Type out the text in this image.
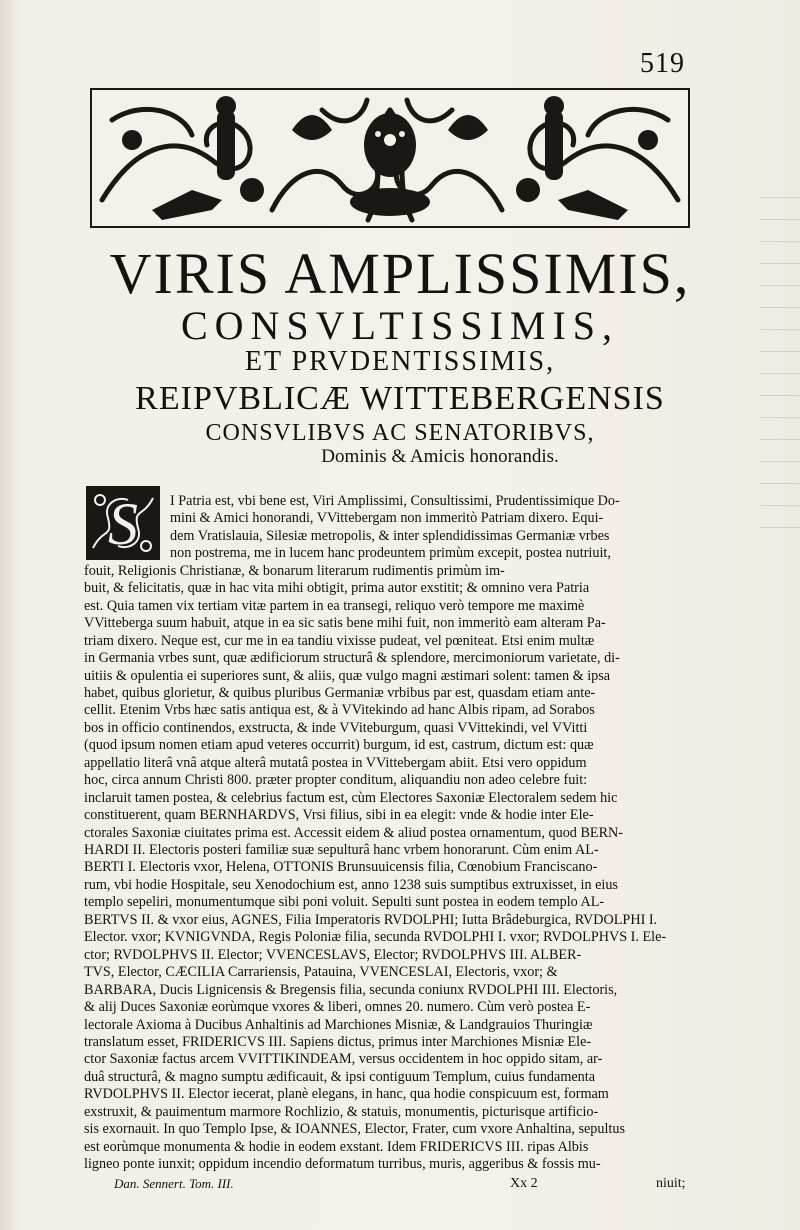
519
VIRIS AMPLISSIMIS,
CONSVLTISSIMIS,
ET PRVDENTISSIMIS,
REIPVBLICÆ WITTEBERGENSIS
CONSVLIBVS AC SENATORIBVS,
Dominis & Amicis honorandis.
S	I Patria est, vbi bene est, Viri Amplissimi, Consultissimi, Prudentissimique Do-
mini & Amici honorandi, VVittebergam non immeritò Patriam dixero. Equi-
dem Vratislauia, Silesiæ metropolis, & inter splendidissimas Germaniæ vrbes
non postrema, me in lucem hanc prodeuntem primùm excepit, postea nutriuit,
fouit, Religionis Christianæ, & bonarum literarum rudimentis primùm im-
buit, & felicitatis, quæ in hac vita mihi obtigit, prima autor exstitit; & omnino vera Patria
est. Quia tamen vix tertiam vitæ partem in ea transegi, reliquo verò tempore me maximè
VVitteberga suum habuit, atque in ea sic satis bene mihi fuit, non immeritò eam alteram Pa-
triam dixero. Neque est, cur me in ea tandiu vixisse pudeat, vel pœniteat. Etsi enim multæ
in Germania vrbes sunt, quæ ædificiorum structurâ & splendore, mercimoniorum varietate, di-
uitiis & opulentia ei superiores sunt, & aliis, quæ vulgo magni æstimari solent: tamen & ipsa
habet, quibus glorietur, & quibus pluribus Germaniæ vrbibus par est, quasdam etiam ante-
cellit. Etenim Vrbs hæc satis antiqua est, & à VVitekindo ad hanc Albis ripam, ad Sorabos
bos in officio continendos, exstructa, & inde VViteburgum, quasi VVittekindi, vel VVitti
(quod ipsum nomen etiam apud veteres occurrit) burgum, id est, castrum, dictum est: quæ
appellatio literâ vnâ atque alterâ mutatâ postea in VVittebergam abiit. Etsi vero oppidum
hoc, circa annum Christi 800. præter propter conditum, aliquandiu non adeo celebre fuit:
inclaruit tamen postea, & celebrius factum est, cùm Electores Saxoniæ Electoralem sedem hic
constituerent, quam BERNHARDVS, Vrsi filius, sibi in ea elegit: vnde & hodie inter Ele-
ctorales Saxoniæ ciuitates prima est. Accessit eidem & aliud postea ornamentum, quod BERN-
HARDI II. Electoris posteri familiæ suæ sepulturâ hanc vrbem honorarunt. Cùm enim AL-
BERTI I. Electoris vxor, Helena, OTTONIS Brunsuuicensis filia, Cœnobium Franciscano-
rum, vbi hodie Hospitale, seu Xenodochium est, anno 1238 suis sumptibus extruxisset, in eius
templo sepeliri, monumentumque sibi poni voluit. Sepulti sunt postea in eodem templo AL-
BERTVS II. & vxor eius, AGNES, Filia Imperatoris RVDOLPHI; Iutta Brâdeburgica, RVDOLPHI I.
Elector. vxor; KVNIGVNDA, Regis Poloniæ filia, secunda RVDOLPHI I. vxor; RVDOLPHVS I. Ele-
ctor; RVDOLPHVS II. Elector; VVENCESLAVS, Elector; RVDOLPHVS III. ALBER-
TVS, Elector, CÆCILIA Carrariensis, Patauina, VVENCESLAI, Electoris, vxor; &
BARBARA, Ducis Lignicensis & Bregensis filia, secunda coniunx RVDOLPHI III. Electoris,
& alij Duces Saxoniæ eorùmque vxores & liberi, omnes 20. numero. Cùm verò postea E-
lectorale Axioma à Ducibus Anhaltinis ad Marchiones Misniæ, & Landgrauios Thuringiæ
translatum esset, FRIDERICVS III. Sapiens dictus, primus inter Marchiones Misniæ Ele-
ctor Saxoniæ factus arcem VVITTIKINDEAM, versus occidentem in hoc oppido sitam, ar-
duâ structurâ, & magno sumptu ædificauit, & ipsi contiguum Templum, cuius fundamenta
RVDOLPHVS II. Elector iecerat, planè elegans, in hanc, qua hodie conspicuum est, formam
exstruxit, & pauimentum marmore Rochlizio, & statuis, monumentis, picturisque artificio-
sis exornauit. In quo Templo Ipse, & IOANNES, Elector, Frater, cum vxore Anhaltina, sepultus
est eorùmque monumenta & hodie in eodem exstant. Idem FRIDERICVS III. ripas Albis
ligneo ponte iunxit; oppidum incendio deformatum turribus, muris, aggeribus & fossis mu-
Dan. Sennert. Tom. III.	Xx 2	niuit;
